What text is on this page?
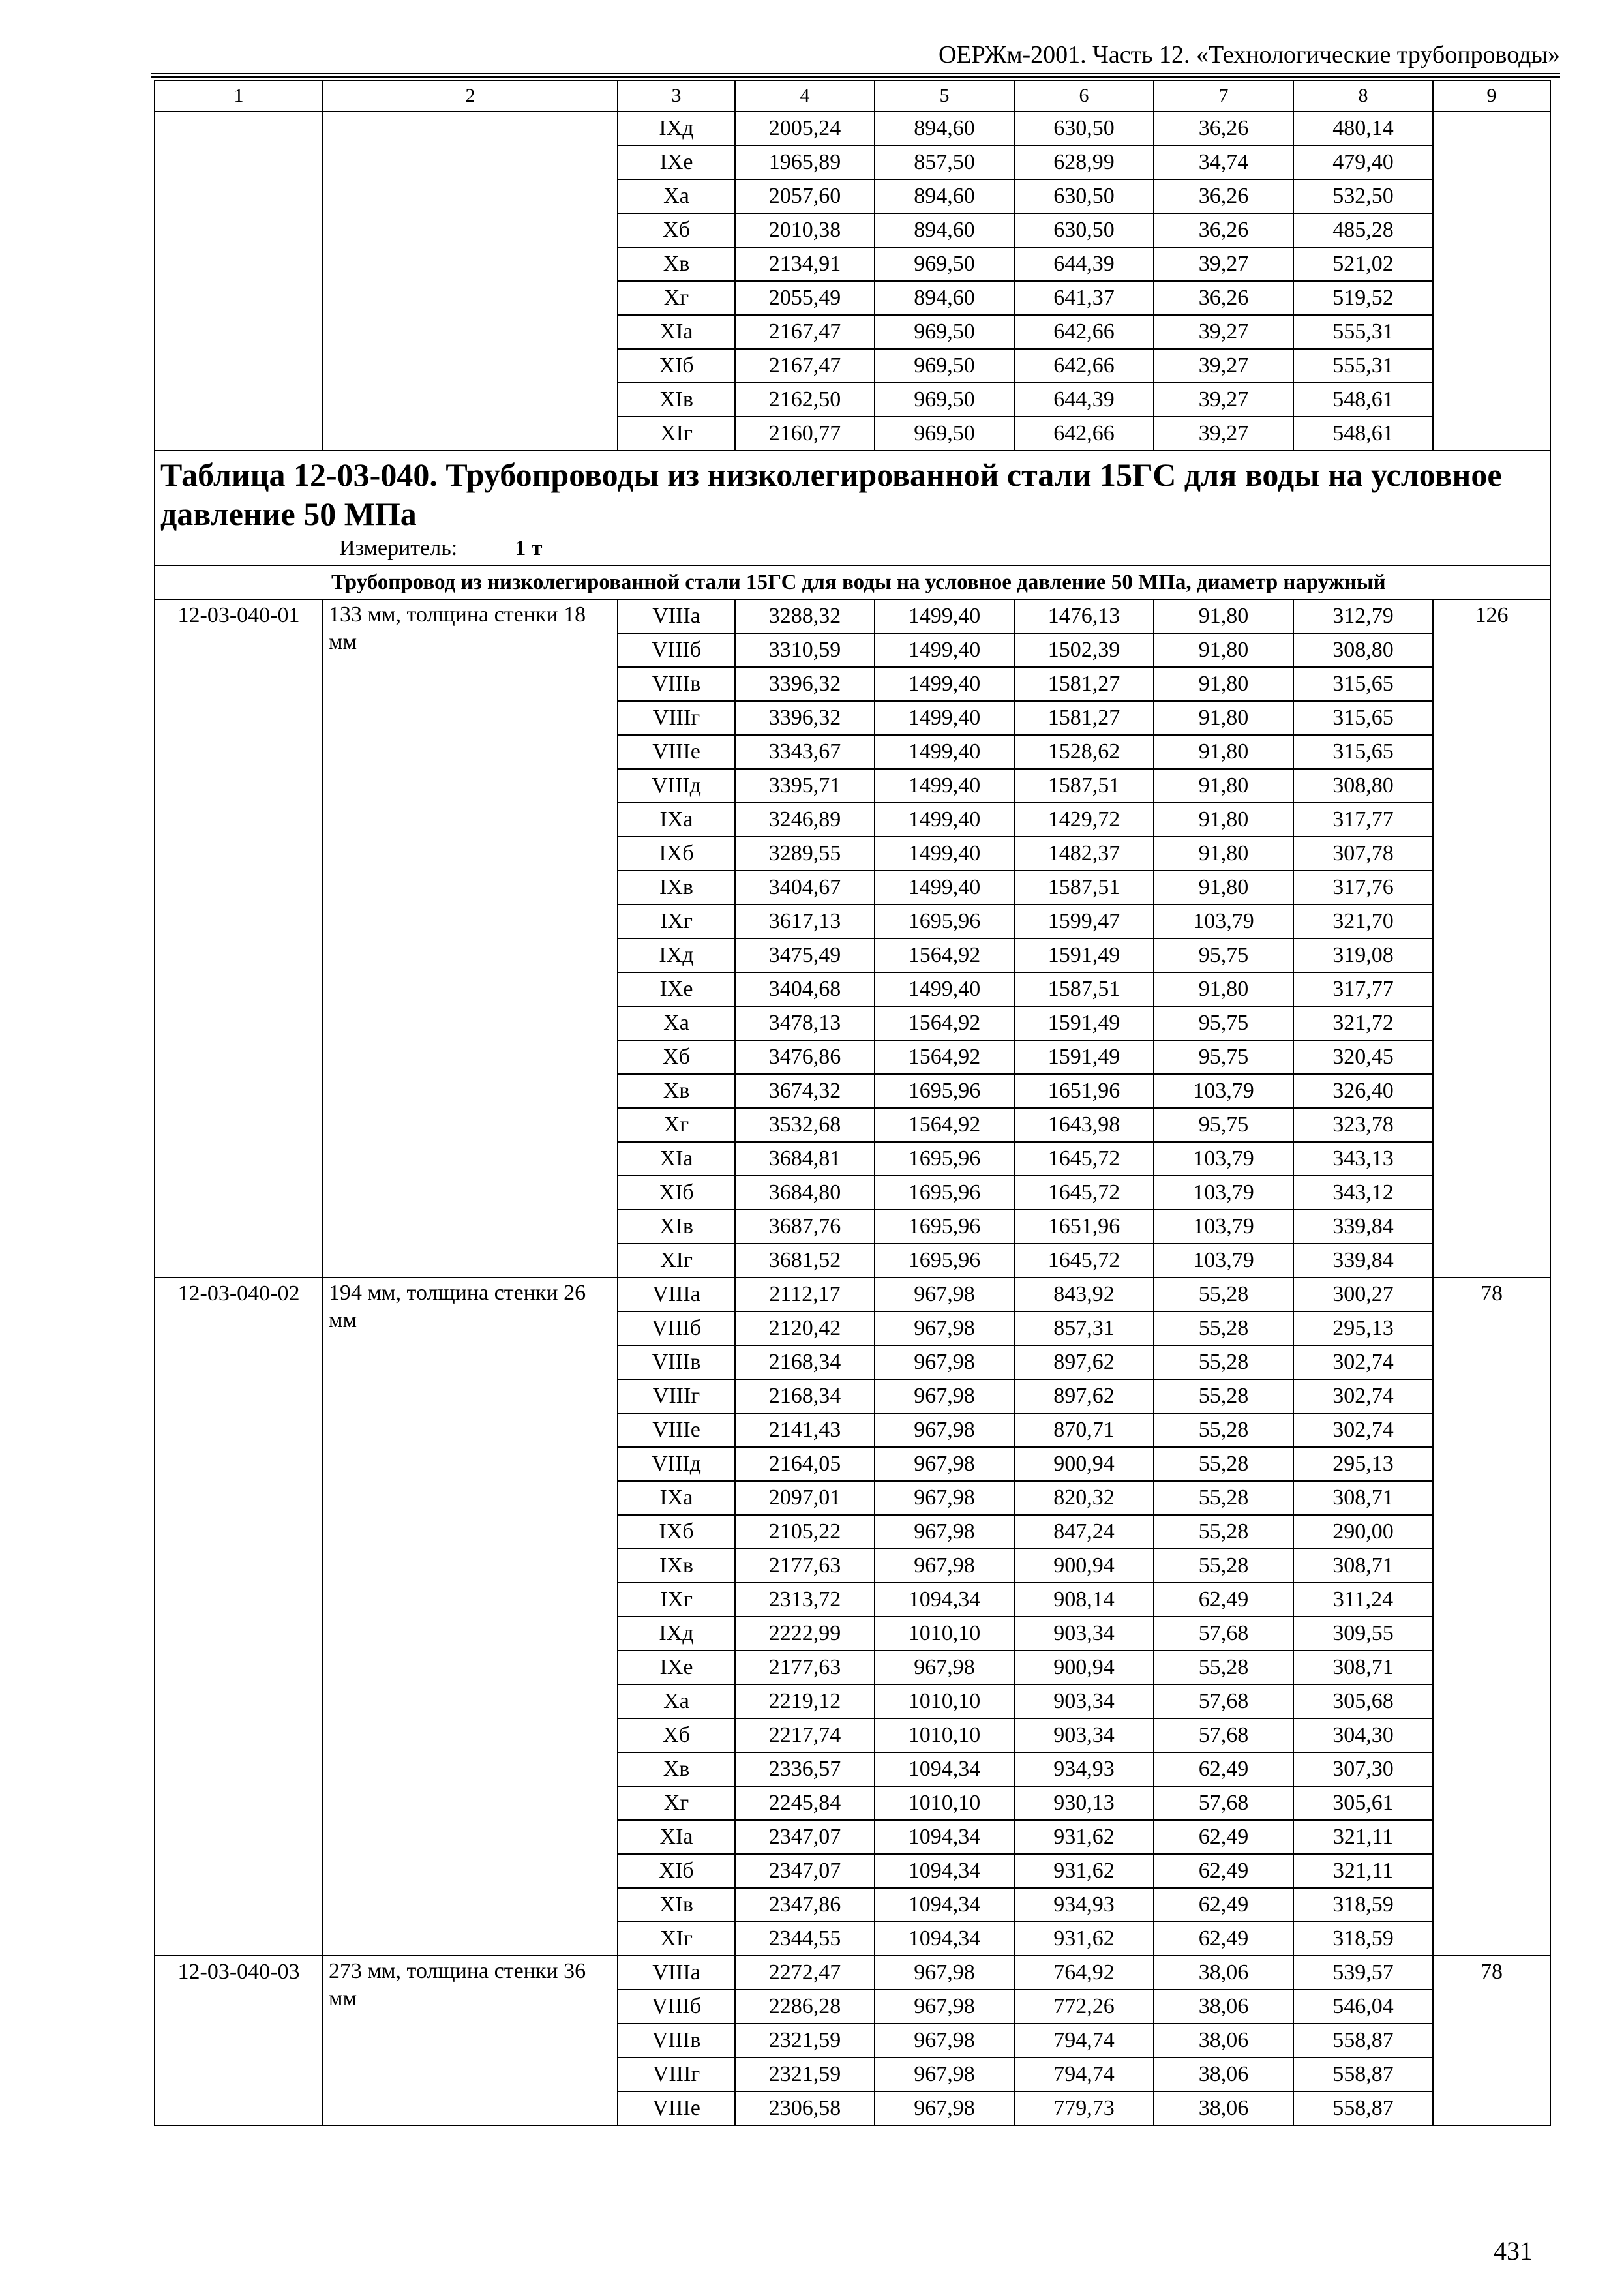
ОЕРЖм-2001. Часть 12. «Технологические трубопроводы»
1	2	3	4	5	6	7	8	9
		IXд	2005,24	894,60	630,50	36,26	480,14	
		IXе	1965,89	857,50	628,99	34,74	479,40	
		Xа	2057,60	894,60	630,50	36,26	532,50	
		Xб	2010,38	894,60	630,50	36,26	485,28	
		Xв	2134,91	969,50	644,39	39,27	521,02	
		Xг	2055,49	894,60	641,37	36,26	519,52	
		XIа	2167,47	969,50	642,66	39,27	555,31	
		XIб	2167,47	969,50	642,66	39,27	555,31	
		XIв	2162,50	969,50	644,39	39,27	548,61	
		XIг	2160,77	969,50	642,66	39,27	548,61	

Таблица 12-03-040. Трубопроводы из низколегированной стали 15ГС для воды на условное давление 50 МПа
Измеритель: 1 т								

Трубопровод из низколегированной стали 15ГС для воды на условное давление 50 МПа, диаметр наружный								
12-03-040-01	133 мм, толщина стенки 18 мм	VIIIа	3288,32	1499,40	1476,13	91,80	312,79	126
		VIIIб	3310,59	1499,40	1502,39	91,80	308,80	
		VIIIв	3396,32	1499,40	1581,27	91,80	315,65	
		VIIIг	3396,32	1499,40	1581,27	91,80	315,65	
		VIIIе	3343,67	1499,40	1528,62	91,80	315,65	
		VIIIд	3395,71	1499,40	1587,51	91,80	308,80	
		IXа	3246,89	1499,40	1429,72	91,80	317,77	
		IXб	3289,55	1499,40	1482,37	91,80	307,78	
		IXв	3404,67	1499,40	1587,51	91,80	317,76	
		IXг	3617,13	1695,96	1599,47	103,79	321,70	
		IXд	3475,49	1564,92	1591,49	95,75	319,08	
		IXе	3404,68	1499,40	1587,51	91,80	317,77	
		Xа	3478,13	1564,92	1591,49	95,75	321,72	
		Xб	3476,86	1564,92	1591,49	95,75	320,45	
		Xв	3674,32	1695,96	1651,96	103,79	326,40	
		Xг	3532,68	1564,92	1643,98	95,75	323,78	
		XIа	3684,81	1695,96	1645,72	103,79	343,13	
		XIб	3684,80	1695,96	1645,72	103,79	343,12	
		XIв	3687,76	1695,96	1651,96	103,79	339,84	
		XIг	3681,52	1695,96	1645,72	103,79	339,84	
12-03-040-02	194 мм, толщина стенки 26 мм	VIIIа	2112,17	967,98	843,92	55,28	300,27	78
		VIIIб	2120,42	967,98	857,31	55,28	295,13	
		VIIIв	2168,34	967,98	897,62	55,28	302,74	
		VIIIг	2168,34	967,98	897,62	55,28	302,74	
		VIIIе	2141,43	967,98	870,71	55,28	302,74	
		VIIIд	2164,05	967,98	900,94	55,28	295,13	
		IXа	2097,01	967,98	820,32	55,28	308,71	
		IXб	2105,22	967,98	847,24	55,28	290,00	
		IXв	2177,63	967,98	900,94	55,28	308,71	
		IXг	2313,72	1094,34	908,14	62,49	311,24	
		IXд	2222,99	1010,10	903,34	57,68	309,55	
		IXе	2177,63	967,98	900,94	55,28	308,71	
		Xа	2219,12	1010,10	903,34	57,68	305,68	
		Xб	2217,74	1010,10	903,34	57,68	304,30	
		Xв	2336,57	1094,34	934,93	62,49	307,30	
		Xг	2245,84	1010,10	930,13	57,68	305,61	
		XIа	2347,07	1094,34	931,62	62,49	321,11	
		XIб	2347,07	1094,34	931,62	62,49	321,11	
		XIв	2347,86	1094,34	934,93	62,49	318,59	
		XIг	2344,55	1094,34	931,62	62,49	318,59	
12-03-040-03	273 мм, толщина стенки 36 мм	VIIIа	2272,47	967,98	764,92	38,06	539,57	78
		VIIIб	2286,28	967,98	772,26	38,06	546,04	
		VIIIв	2321,59	967,98	794,74	38,06	558,87	
		VIIIг	2321,59	967,98	794,74	38,06	558,87	
		VIIIе	2306,58	967,98	779,73	38,06	558,87	
431
